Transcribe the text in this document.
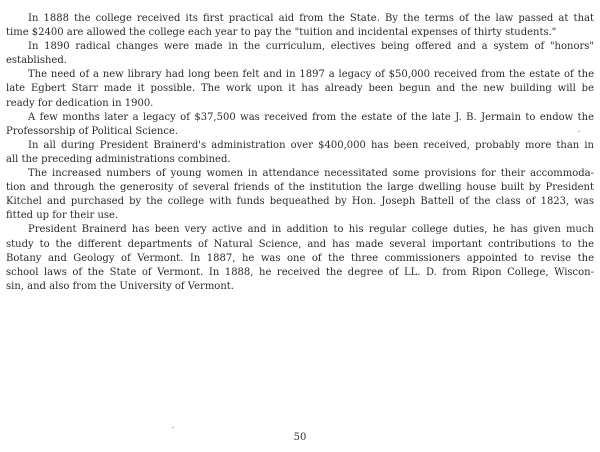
In 1888 the college received its first practical aid from the State. By the terms of the law passed at that
time $2400 are allowed the college each year to pay the "tuition and incidental expenses of thirty students."
In 1890 radical changes were made in the curriculum, electives being offered and a system of "honors"
established.
The need of a new library had long been felt and in 1897 a legacy of $50,000 received from the estate of the
late Egbert Starr made it possible. The work upon it has already been begun and the new building will be
ready for dedication in 1900.
A few months later a legacy of $37,500 was received from the estate of the late J. B. Jermain to endow the
Professorship of Political Science.
In all during President Brainerd's administration over $400,000 has been received, probably more than in
all the preceding administrations combined.
The increased numbers of young women in attendance necessitated some provisions for their accommoda-
tion and through the generosity of several friends of the institution the large dwelling house built by President
Kitchel and purchased by the college with funds bequeathed by Hon. Joseph Battell of the class of 1823, was
fitted up for their use.
President Brainerd has been very active and in addition to his regular college duties, he has given much
study to the different departments of Natural Science, and has made several important contributions to the
Botany and Geology of Vermont. In 1887, he was one of the three commissioners appointed to revise the
school laws of the State of Vermont. In 1888, he received the degree of LL. D. from Ripon College, Wiscon-
sin, and also from the University of Vermont.
50
